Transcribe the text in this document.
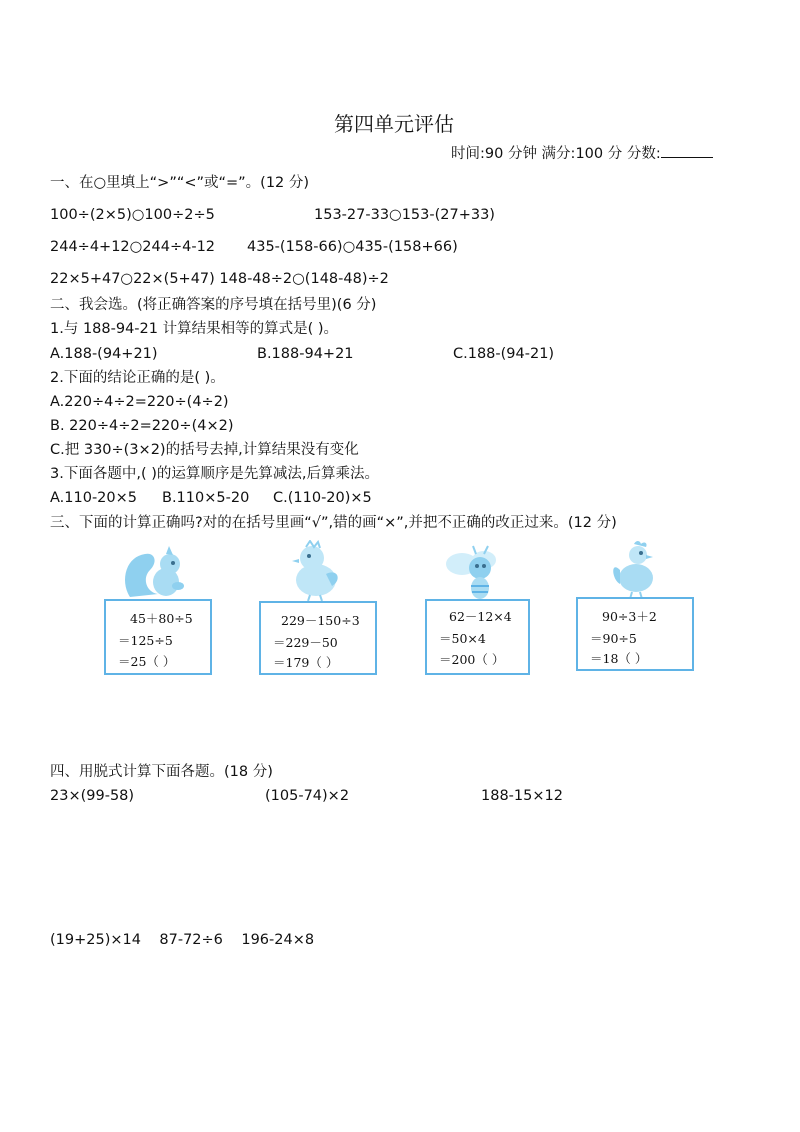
第四单元评估
时间:90 分钟 满分:100 分 分数:
一、在○里填上“>”“<”或“=”。(12 分)
100÷(2×5)○100÷2÷5	153-27-33○153-(27+33)
244÷4+12○244÷4-12 435-(158-66)○435-(158+66)
22×5+47○22×(5+47) 148-48÷2○(148-48)÷2
二、我会选。(将正确答案的序号填在括号里)(6 分)
1.与 188-94-21 计算结果相等的算式是( )。
A.188-(94+21)	B.188-94+21	C.188-(94-21)
2.下面的结论正确的是( )。
A.220÷4÷2=220÷(4÷2)
B. 220÷4÷2=220÷(4×2)
C.把 330÷(3×2)的括号去掉,计算结果没有变化
3.下面各题中,( )的运算顺序是先算减法,后算乘法。
A.110-20×5 B.110×5-20 C.(110-20)×5
三、下面的计算正确吗?对的在括号里画“√”,错的画“×”,并把不正确的改正过来。(12 分)
45＋80÷5
＝125÷5
＝25（ ）
229－150÷3
＝229－50
＝179（ ）
62－12×4
＝50×4
＝200（ ）
90÷3＋2
＝90÷5
＝18（ ）
四、用脱式计算下面各题。(18 分)
23×(99-58)	(105-74)×2	188-15×12
(19+25)×14    87-72÷6    196-24×8
